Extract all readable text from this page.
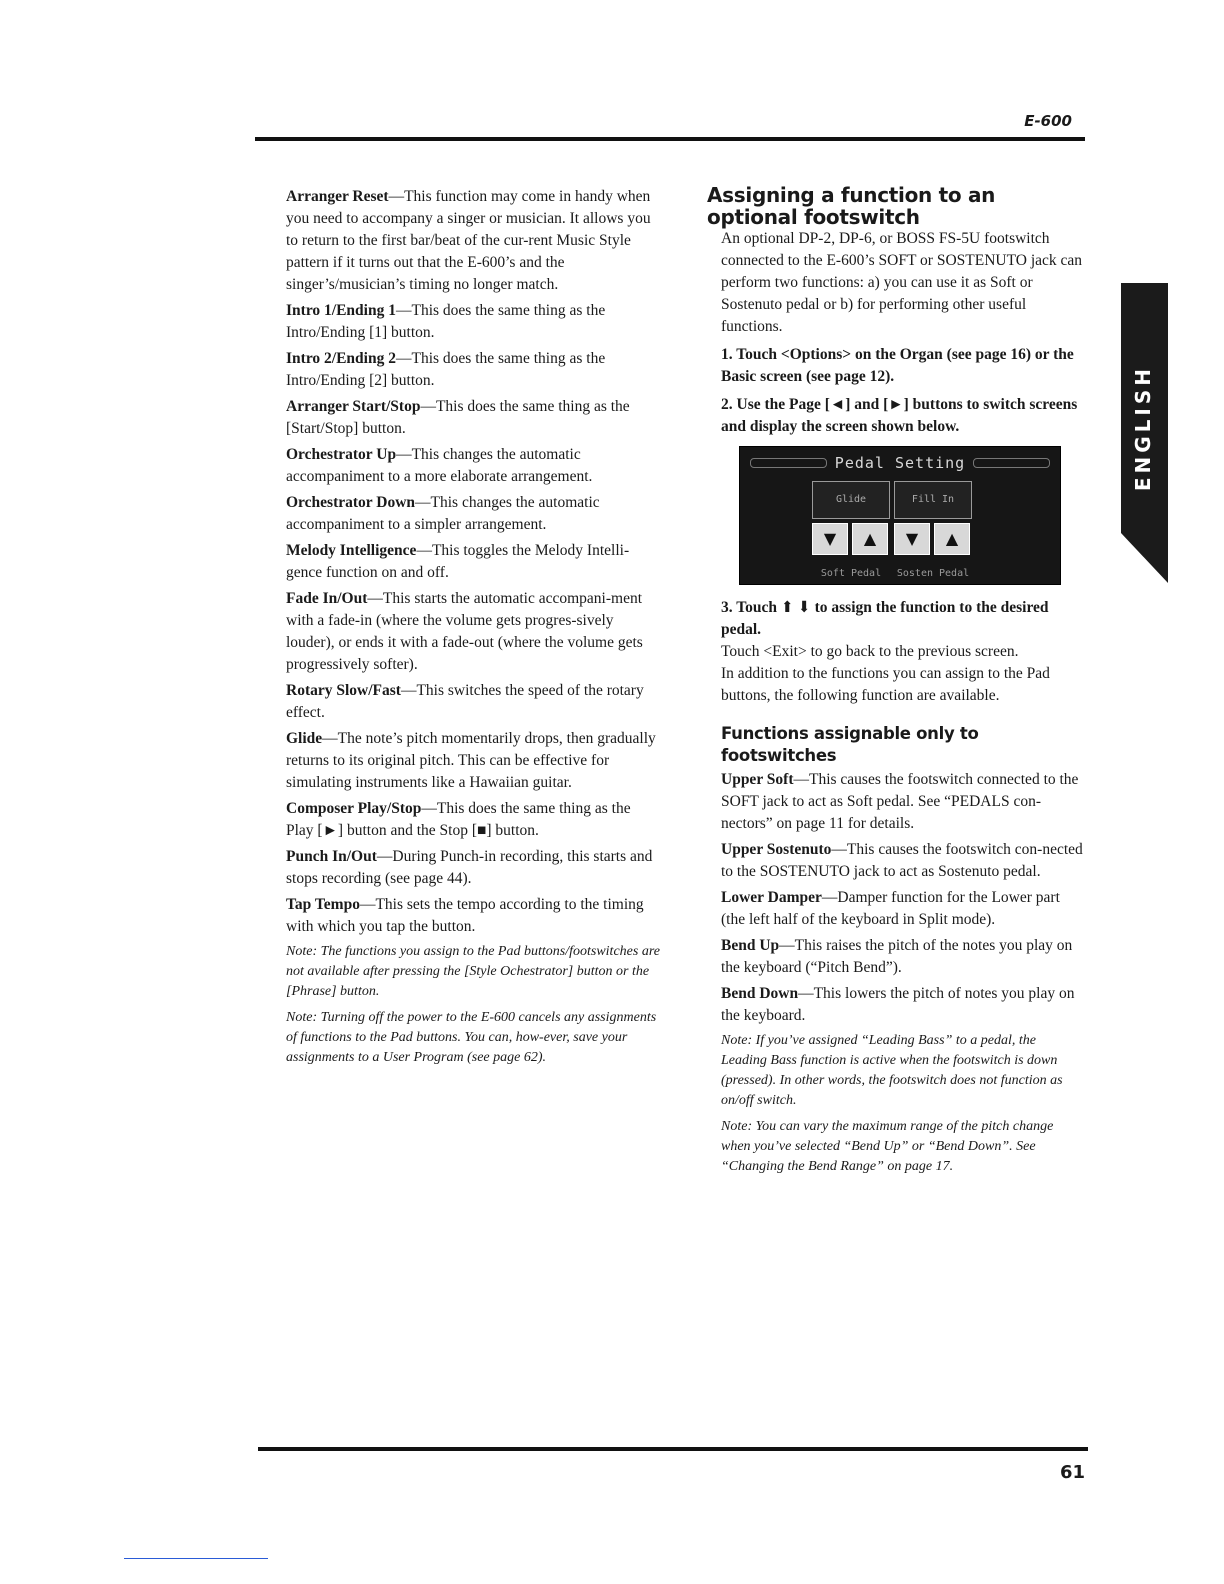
E-600

Arranger Reset—This function may come in handy when you need to accompany a singer or musician. It allows you to return to the first bar/beat of the cur-rent Music Style pattern if it turns out that the E-600’s and the singer’s/musician’s timing no longer match.

Intro 1/Ending 1—This does the same thing as the Intro/Ending [1] button.

Intro 2/Ending 2—This does the same thing as the Intro/Ending [2] button.

Arranger Start/Stop—This does the same thing as the [Start/Stop] button.

Orchestrator Up—This changes the automatic accompaniment to a more elaborate arrangement.

Orchestrator Down—This changes the automatic accompaniment to a simpler arrangement.

Melody Intelligence—This toggles the Melody Intelli-gence function on and off.

Fade In/Out—This starts the automatic accompani-ment with a fade-in (where the volume gets progres-sively louder), or ends it with a fade-out (where the volume gets progressively softer).

Rotary Slow/Fast—This switches the speed of the rotary effect.

Glide—The note’s pitch momentarily drops, then gradually returns to its original pitch. This can be effective for simulating instruments like a Hawaiian guitar.

Composer Play/Stop—This does the same thing as the Play [►] button and the Stop [■] button.

Punch In/Out—During Punch-in recording, this starts and stops recording (see page 44).

Tap Tempo—This sets the tempo according to the timing with which you tap the button.

Note: The functions you assign to the Pad buttons/footswitches are not available after pressing the [Style Ochestrator] button or the [Phrase] button.

Note: Turning off the power to the E-600 cancels any assignments of functions to the Pad buttons. You can, how-ever, save your assignments to a User Program (see page 62).

Assigning a function to an optional footswitch

An optional DP-2, DP-6, or BOSS FS-5U footswitch connected to the E-600’s SOFT or SOSTENUTO jack can perform two functions: a) you can use it as Soft or Sostenuto pedal or b) for performing other useful functions.

1. Touch <Options> on the Organ (see page 16) or the Basic screen (see page 12).

2. Use the Page [◄] and [►] buttons to switch screens and display the screen shown below.

Pedal Setting
Glide	Fill In
▼	▲	▼	▲
Soft Pedal	Sosten Pedal

3. Touch ⬆ ⬇ to assign the function to the desired pedal.

Touch <Exit> to go back to the previous screen.

In addition to the functions you can assign to the Pad buttons, the following function are available.

Functions assignable only to footswitches

Upper Soft—This causes the footswitch connected to the SOFT jack to act as Soft pedal. See “PEDALS con-nectors” on page 11 for details.

Upper Sostenuto—This causes the footswitch con-nected to the SOSTENUTO jack to act as Sostenuto pedal.

Lower Damper—Damper function for the Lower part (the left half of the keyboard in Split mode).

Bend Up—This raises the pitch of the notes you play on the keyboard (“Pitch Bend”).

Bend Down—This lowers the pitch of notes you play on the keyboard.

Note: If you’ve assigned “Leading Bass” to a pedal, the Leading Bass function is active when the footswitch is down (pressed). In other words, the footswitch does not function as on/off switch.

Note: You can vary the maximum range of the pitch change when you’ve selected “Bend Up” or “Bend Down”. See “Changing the Bend Range” on page 17.

ENGLISH
61
